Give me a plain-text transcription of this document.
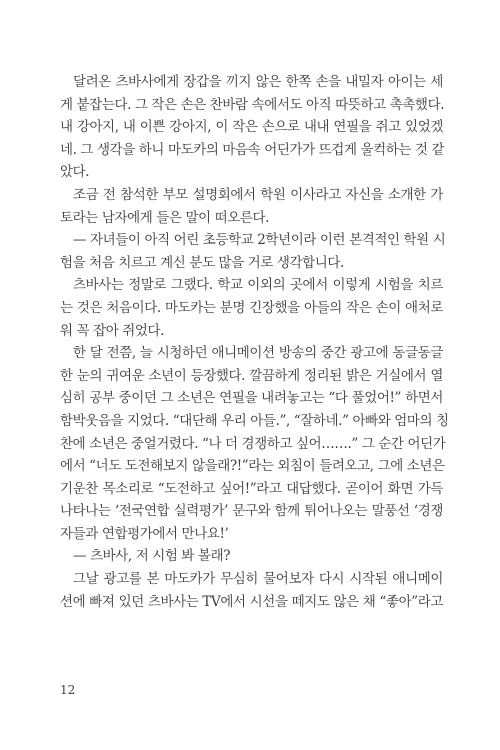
달려온 츠바사에게 장갑을 끼지 않은 한쪽 손을 내밀자 아이는 세
게 붙잡는다. 그 작은 손은 찬바람 속에서도 아직 따뜻하고 촉촉했다.
내 강아지, 내 이쁜 강아지, 이 작은 손으로 내내 연필을 쥐고 있었겠
네. 그 생각을 하니 마도카의 마음속 어딘가가 뜨겁게 울컥하는 것 같
았다.
조금 전 참석한 부모 설명회에서 학원 이사라고 자신을 소개한 가
토라는 남자에게 들은 말이 떠오른다.
— 자녀들이 아직 어린 초등학교 2학년이라 이런 본격적인 학원 시
험을 처음 치르고 계신 분도 많을 거로 생각합니다.
츠바사는 정말로 그랬다. 학교 이외의 곳에서 이렇게 시험을 치르
는 것은 처음이다. 마도카는 분명 긴장했을 아들의 작은 손이 애처로
워 꼭 잡아 쥐었다.
한 달 전쯤, 늘 시청하던 애니메이션 방송의 중간 광고에 동글동글
한 눈의 귀여운 소년이 등장했다. 깔끔하게 정리된 밝은 거실에서 열
심히 공부 중이던 그 소년은 연필을 내려놓고는 “다 풀었어!” 하면서
함박웃음을 지었다. “대단해 우리 아들.”, “잘하네.” 아빠와 엄마의 칭
찬에 소년은 중얼거렸다. “나 더 경쟁하고 싶어…….” 그 순간 어딘가
에서 “너도 도전해보지 않을래?!”라는 외침이 들려오고, 그에 소년은
기운찬 목소리로 “도전하고 싶어!”라고 대답했다. 곧이어 화면 가득
나타나는 ‘전국연합 실력평가’ 문구와 함께 튀어나오는 말풍선 ‘경쟁
자들과 연합평가에서 만나요!’
— 츠바사, 저 시험 봐 볼래?
그날 광고를 본 마도카가 무심히 물어보자 다시 시작된 애니메이
션에 빠져 있던 츠바사는 TV에서 시선을 떼지도 않은 채 “좋아”라고
12
